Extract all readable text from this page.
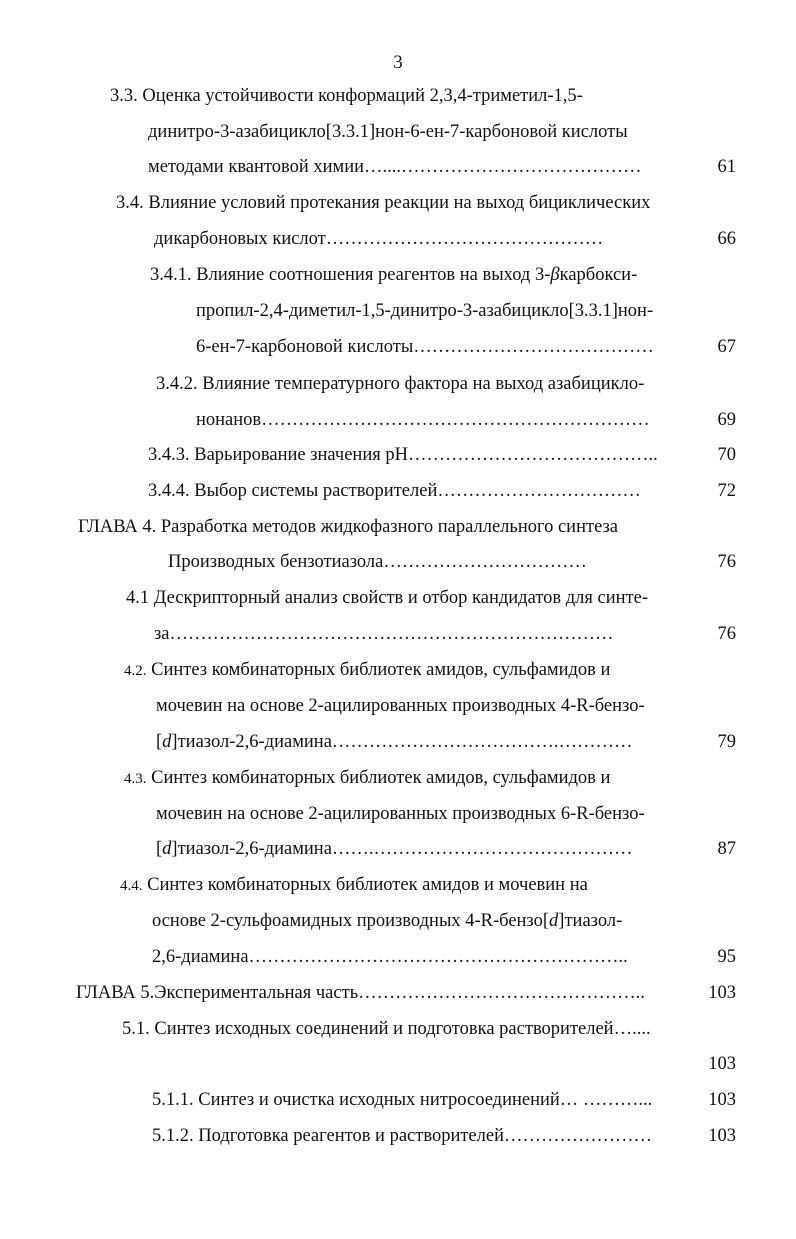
3
3.3. Оценка устойчивости конформаций 2,3,4-триметил-1,5-
динитро-3-азабицикло[3.3.1]нон-6-ен-7-карбоновой кислоты
методами квантовой химии…....…………………………………	61
3.4. Влияние условий протекания реакции на выход бициклических
дикарбоновых кислот………………………………………	66
3.4.1. Влияние соотношения реагентов на выход 3-βкарбокси-
пропил-2,4-диметил-1,5-динитро-3-азабицикло[3.3.1]нон-
6-ен-7-карбоновой кислоты…………………………………	67
3.4.2. Влияние температурного фактора на выход азабицикло-
нонанов………………………………………………………	69
3.4.3. Варьирование значения pH…………………………………..	70
3.4.4. Выбор системы растворителей……………………………	72
ГЛАВА 4. Разработка методов жидкофазного параллельного синтеза
Производных бензотиазола……………………………	76
4.1 Дескрипторный анализ свойств и отбор кандидатов для синте-
за………………………………………………………………	76
4.2. Синтез комбинаторных библиотек амидов, сульфамидов и
мочевин на основе 2-ацилированных производных 4-R-бензо-
[d]тиазол-2,6-диамина……………………………….…………	79
4.3. Синтез комбинаторных библиотек амидов, сульфамидов и
мочевин на основе 2-ацилированных производных 6-R-бензо-
[d]тиазол-2,6-диамина…….……………………………………	87
4.4. Синтез комбинаторных библиотек амидов и мочевин на
основе 2-сульфоамидных производных 4-R-бензо[d]тиазол-
2,6-диамина……………………………………………………..	95
ГЛАВА 5.Экспериментальная часть………………………………………..	103
5.1. Синтез исходных соединений и подготовка растворителей…....
103
5.1.1. Синтез и очистка исходных нитросоединений… ………...	103
5.1.2. Подготовка реагентов и растворителей……………………	103
